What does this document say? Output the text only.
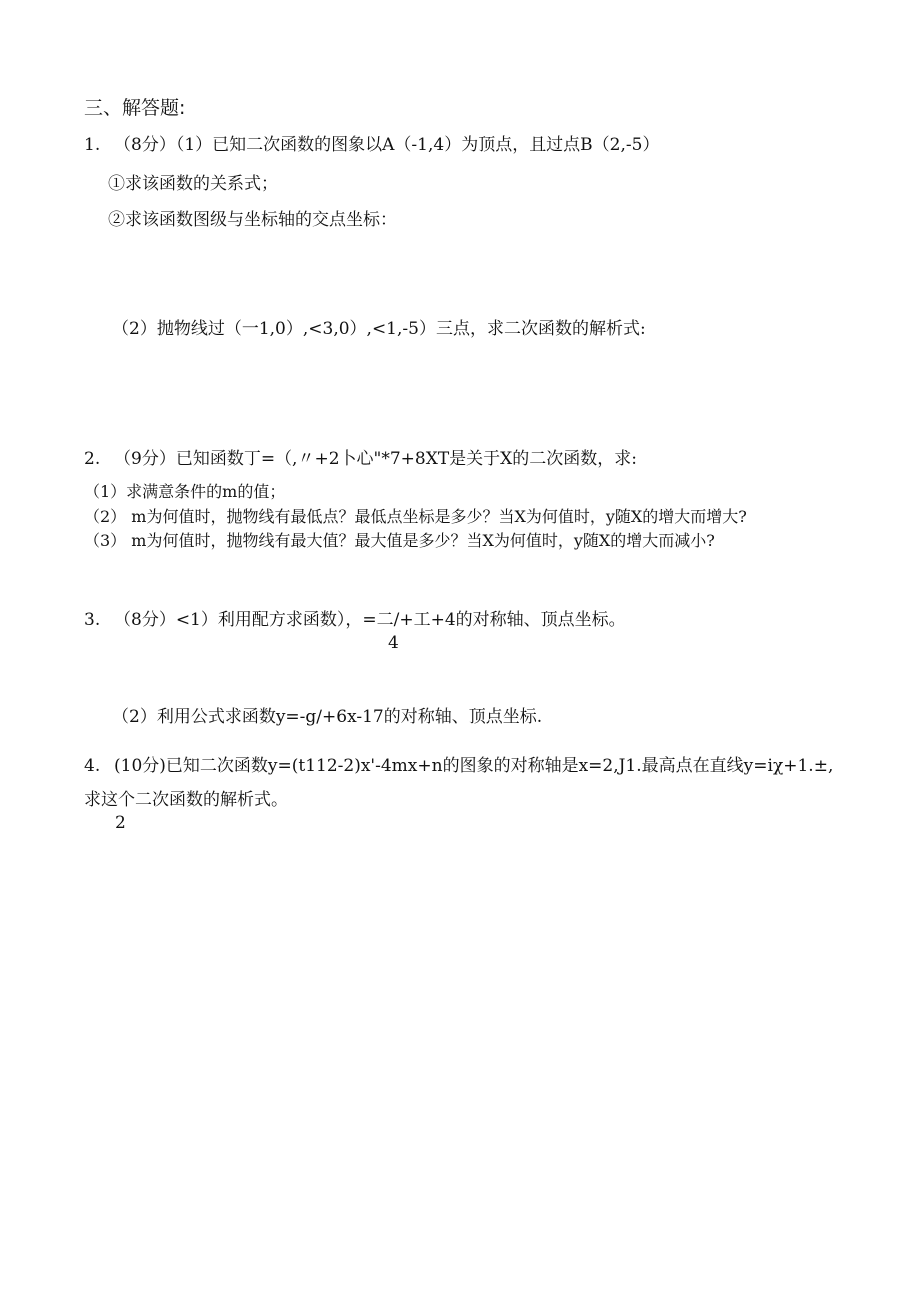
三、解答题:
1. （8分）（1）已知二次函数的图象以A（-1,4）为顶点，且过点B（2,-5）
①求该函数的关系式；
②求该函数图级与坐标轴的交点坐标：
（2）抛物线过（一1,0）,<3,0）,<1,-5）三点，求二次函数的解析式:
2. （9分）已知函数丁=（,〃+2卜心"*7+8XT是关于X的二次函数，求:
（1）求满意条件的m的值；
（2） m为何值时，抛物线有最低点？最低点坐标是多少？当X为何值时，y随X的增大而增大?
（3） m为何值时，抛物线有最大值？最大值是多少？当X为何值时，y随X的增大而减小?
3. （8分）<1）利用配方求函数），=二/+工+4的对称轴、顶点坐标。
4
（2）利用公式求函数y=-g∕+6x-17的对称轴、顶点坐标.
4. (10分)已知二次函数y=(t112-2)x'-4mx+n的图象的对称轴是x=2,J1.最高点在直线y=iχ+1.±,
求这个二次函数的解析式。
2
